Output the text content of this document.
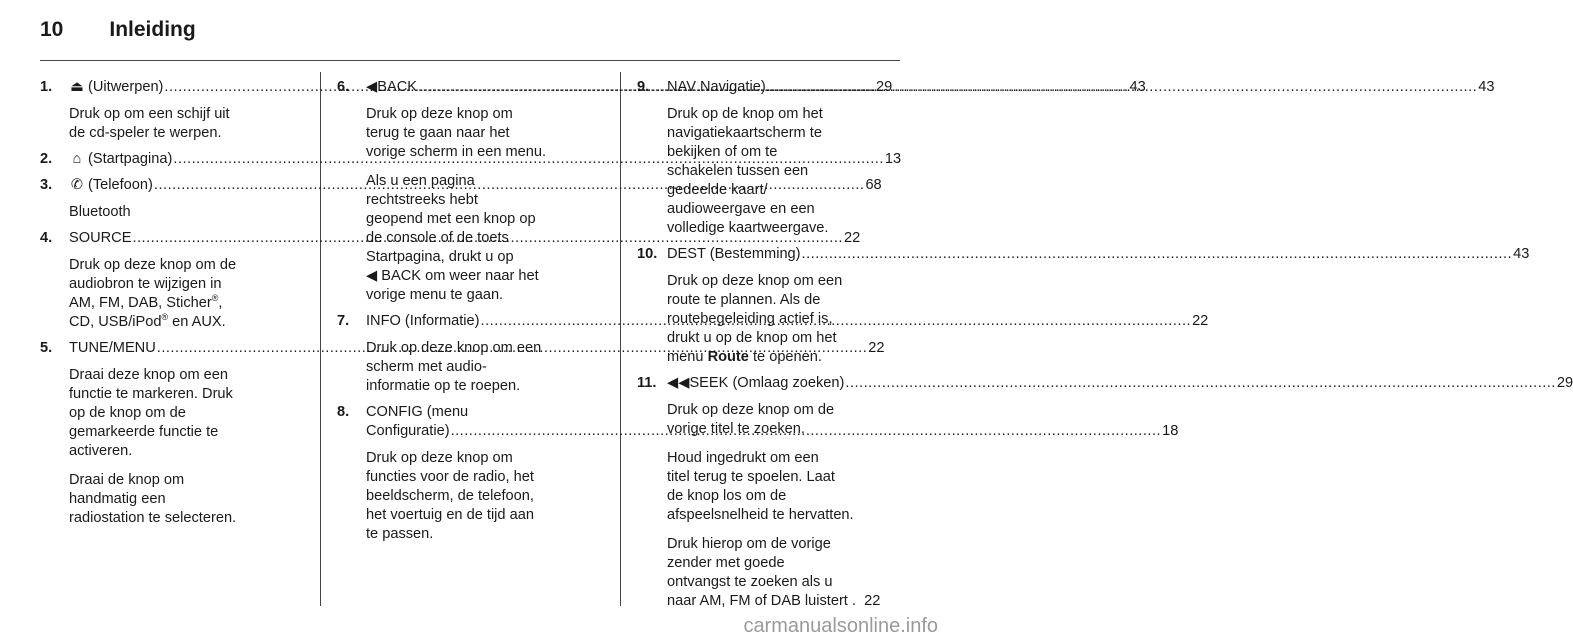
10 Inleiding
1.	⏏ (Uitwerpen) .....	29

Druk op om een schijf uit
de cd-speler te werpen.

2.	⌂ (Startpagina) .....	13
3.	✆ (Telefoon) .....	68

Bluetooth

4.	SOURCE .....	22

Druk op deze knop om de
audiobron te wijzigen in
AM, FM, DAB, Sticher®,
CD, USB/iPod® en AUX.

5.	TUNE/MENU .....	22

Draai deze knop om een
functie te markeren. Druk
op de knop om de
gemarkeerde functie te
activeren.

Draai de knop om
handmatig een
radiostation te selecteren.

6.	◀BACK .....	43

Druk op deze knop om
terug te gaan naar het
vorige scherm in een menu.

Als u een pagina
rechtstreeks hebt
geopend met een knop op
de console of de toets
Startpagina, drukt u op
◀ BACK om weer naar het
vorige menu te gaan.

7.	INFO (Informatie) .....	22

Druk op deze knop om een
scherm met audio-
informatie op te roepen.

8.	CONFIG (menu
Configuratie) .....	18

Druk op deze knop om
functies voor de radio, het
beeldscherm, de telefoon,
het voertuig en de tijd aan
te passen.

9.	NAV Navigatie) .....	43

Druk op de knop om het
navigatiekaartscherm te
bekijken of om te
schakelen tussen een
gedeelde kaart/
audioweergave en een
volledige kaartweergave.

10. DEST (Bestemming) .....	43

Druk op deze knop om een
route te plannen. Als de
routebegeleiding actief is,
drukt u op de knop om het
menu Route te openen.

11. ◀◀SEEK (Omlaag zoeken) .....	29

Druk op deze knop om de
vorige titel te zoeken.

Houd ingedrukt om een
titel terug te spoelen. Laat
de knop los om de
afspeelsnelheid te hervatten.

Druk hierop om de vorige
zender met goede
ontvangst te zoeken als u
naar AM, FM of DAB luistert . 22

carmanualsonline.info
